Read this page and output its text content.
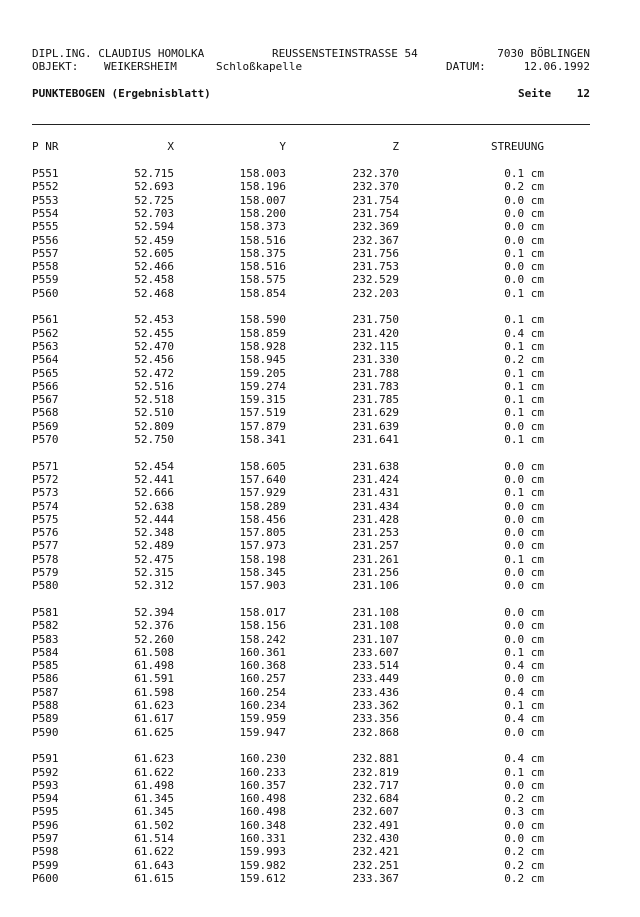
DIPL.ING. CLAUDIUS HOMOLKA	REUSSENSTEINSTRASSE 54	7030 BÖBLINGEN
OBJEKT: WEIKERSHEIM	Schloßkapelle	DATUM:	12.06.1992
PUNKTEBOGEN (Ergebnisblatt)	Seite	12
P NR	X	Y	Z	STREUUNG
P551	52.715	158.003	232.370	0.1 cm
P552	52.693	158.196	232.370	0.2 cm
P553	52.725	158.007	231.754	0.0 cm
P554	52.703	158.200	231.754	0.0 cm
P555	52.594	158.373	232.369	0.0 cm
P556	52.459	158.516	232.367	0.0 cm
P557	52.605	158.375	231.756	0.1 cm
P558	52.466	158.516	231.753	0.0 cm
P559	52.458	158.575	232.529	0.0 cm
P560	52.468	158.854	232.203	0.1 cm
P561	52.453	158.590	231.750	0.1 cm
P562	52.455	158.859	231.420	0.4 cm
P563	52.470	158.928	232.115	0.1 cm
P564	52.456	158.945	231.330	0.2 cm
P565	52.472	159.205	231.788	0.1 cm
P566	52.516	159.274	231.783	0.1 cm
P567	52.518	159.315	231.785	0.1 cm
P568	52.510	157.519	231.629	0.1 cm
P569	52.809	157.879	231.639	0.0 cm
P570	52.750	158.341	231.641	0.1 cm
P571	52.454	158.605	231.638	0.0 cm
P572	52.441	157.640	231.424	0.0 cm
P573	52.666	157.929	231.431	0.1 cm
P574	52.638	158.289	231.434	0.0 cm
P575	52.444	158.456	231.428	0.0 cm
P576	52.348	157.805	231.253	0.0 cm
P577	52.489	157.973	231.257	0.0 cm
P578	52.475	158.198	231.261	0.1 cm
P579	52.315	158.345	231.256	0.0 cm
P580	52.312	157.903	231.106	0.0 cm
P581	52.394	158.017	231.108	0.0 cm
P582	52.376	158.156	231.108	0.0 cm
P583	52.260	158.242	231.107	0.0 cm
P584	61.508	160.361	233.607	0.1 cm
P585	61.498	160.368	233.514	0.4 cm
P586	61.591	160.257	233.449	0.0 cm
P587	61.598	160.254	233.436	0.4 cm
P588	61.623	160.234	233.362	0.1 cm
P589	61.617	159.959	233.356	0.4 cm
P590	61.625	159.947	232.868	0.0 cm
P591	61.623	160.230	232.881	0.4 cm
P592	61.622	160.233	232.819	0.1 cm
P593	61.498	160.357	232.717	0.0 cm
P594	61.345	160.498	232.684	0.2 cm
P595	61.345	160.498	232.607	0.3 cm
P596	61.502	160.348	232.491	0.0 cm
P597	61.514	160.331	232.430	0.0 cm
P598	61.622	159.993	232.421	0.2 cm
P599	61.643	159.982	232.251	0.2 cm
P600	61.615	159.612	233.367	0.2 cm
